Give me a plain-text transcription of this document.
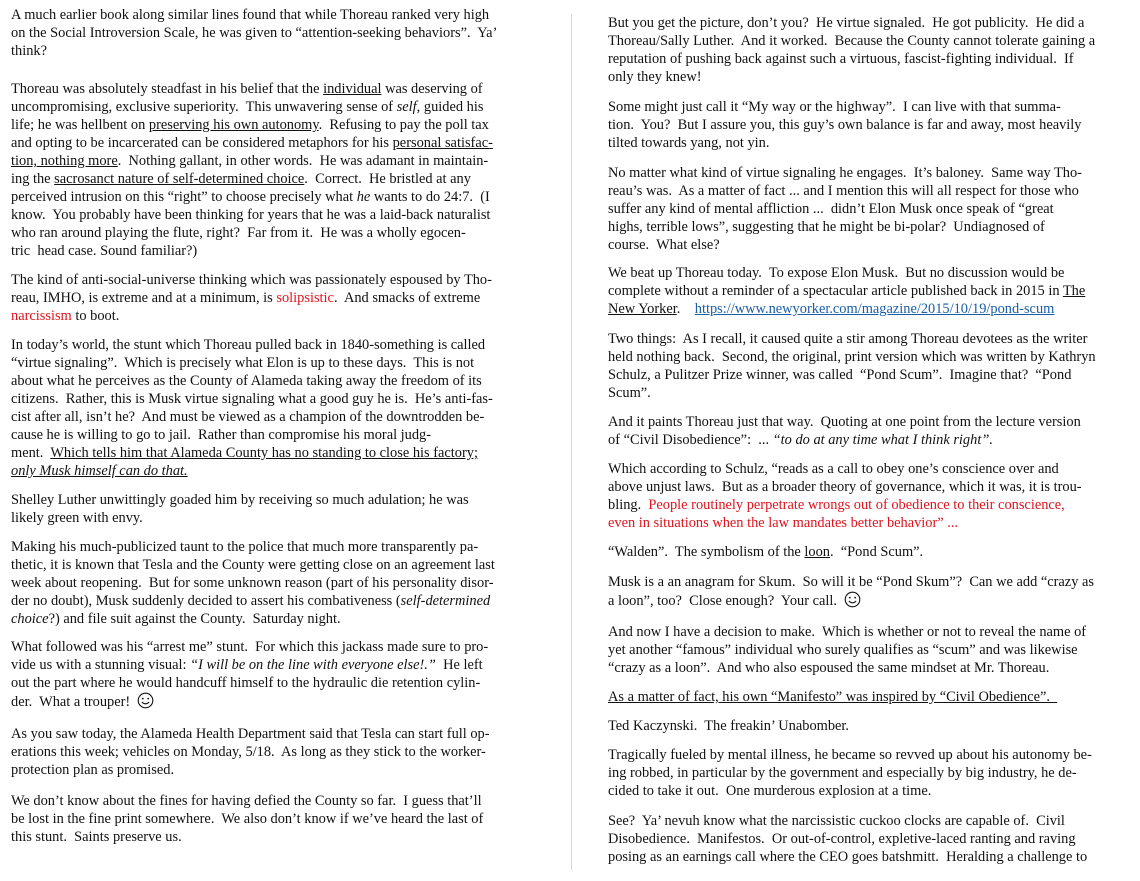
A much earlier book along similar lines found that while Thoreau ranked very high
on the Social Introversion Scale, he was given to “attention-seeking behaviors”.  Ya’
think?
Thoreau was absolutely steadfast in his belief that the individual was deserving of
uncompromising, exclusive superiority.  This unwavering sense of self, guided his
life; he was hellbent on preserving his own autonomy.  Refusing to pay the poll tax
and opting to be incarcerated can be considered metaphors for his personal satisfac-
tion, nothing more.  Nothing gallant, in other words.  He was adamant in maintain-
ing the sacrosanct nature of self-determined choice.  Correct.  He bristled at any
perceived intrusion on this “right” to choose precisely what he wants to do 24:7.  (I
know.  You probably have been thinking for years that he was a laid-back naturalist
who ran around playing the flute, right?  Far from it.  He was a wholly egocen-
tric  head case. Sound familiar?)
The kind of anti-social-universe thinking which was passionately espoused by Tho-
reau, IMHO, is extreme and at a minimum, is solipsistic.  And smacks of extreme
narcissism to boot.
In today’s world, the stunt which Thoreau pulled back in 1840-something is called
“virtue signaling”.  Which is precisely what Elon is up to these days.  This is not
about what he perceives as the County of Alameda taking away the freedom of its
citizens.  Rather, this is Musk virtue signaling what a good guy he is.  He’s anti-fas-
cist after all, isn’t he?  And must be viewed as a champion of the downtrodden be-
cause he is willing to go to jail.  Rather than compromise his moral judg-
ment.  Which tells him that Alameda County has no standing to close his factory;
only Musk himself can do that.
Shelley Luther unwittingly goaded him by receiving so much adulation; he was
likely green with envy.
Making his much-publicized taunt to the police that much more transparently pa-
thetic, it is known that Tesla and the County were getting close on an agreement last
week about reopening.  But for some unknown reason (part of his personality disor-
der no doubt), Musk suddenly decided to assert his combativeness (self-determined
choice?) and file suit against the County.  Saturday night.
What followed was his “arrest me” stunt.  For which this jackass made sure to pro-
vide us with a stunning visual: “I will be on the line with everyone else!.”  He left
out the part where he would handcuff himself to the hydraulic die retention cylin-
der.  What a trouper!
As you saw today, the Alameda Health Department said that Tesla can start full op-
erations this week; vehicles on Monday, 5/18.  As long as they stick to the worker-
protection plan as promised.
We don’t know about the fines for having defied the County so far.  I guess that’ll
be lost in the fine print somewhere.  We also don’t know if we’ve heard the last of
this stunt.  Saints preserve us.
But you get the picture, don’t you?  He virtue signaled.  He got publicity.  He did a
Thoreau/Sally Luther.  And it worked.  Because the County cannot tolerate gaining a
reputation of pushing back against such a virtuous, fascist-fighting individual.  If
only they knew!
Some might just call it “My way or the highway”.  I can live with that summa-
tion.  You?  But I assure you, this guy’s own balance is far and away, most heavily
tilted towards yang, not yin.
No matter what kind of virtue signaling he engages.  It’s baloney.  Same way Tho-
reau’s was.  As a matter of fact ... and I mention this will all respect for those who
suffer any kind of mental affliction ...  didn’t Elon Musk once speak of “great
highs, terrible lows”, suggesting that he might be bi-polar?  Undiagnosed of
course.  What else?
We beat up Thoreau today.  To expose Elon Musk.  But no discussion would be
complete without a reminder of a spectacular article published back in 2015 in The
New Yorker.    https://www.newyorker.com/magazine/2015/10/19/pond-scum
Two things:  As I recall, it caused quite a stir among Thoreau devotees as the writer
held nothing back.  Second, the original, print version which was written by Kathryn
Schulz, a Pulitzer Prize winner, was called  “Pond Scum”.  Imagine that?  “Pond
Scum”.
And it paints Thoreau just that way.  Quoting at one point from the lecture version
of “Civil Disobedience”:  ... “to do at any time what I think right”.
Which according to Schulz, “reads as a call to obey one’s conscience over and
above unjust laws.  But as a broader theory of governance, which it was, it is trou-
bling.  People routinely perpetrate wrongs out of obedience to their conscience,
even in situations when the law mandates better behavior” ...
“Walden”.  The symbolism of the loon.  “Pond Scum”.
Musk is a an anagram for Skum.  So will it be “Pond Skum”?  Can we add “crazy as
a loon”, too?  Close enough?  Your call.
And now I have a decision to make.  Which is whether or not to reveal the name of
yet another “famous” individual who surely qualifies as “scum” and was likewise
“crazy as a loon”.  And who also espoused the same mindset at Mr. Thoreau.
As a matter of fact, his own “Manifesto” was inspired by “Civil Obedience”.
Ted Kaczynski.  The freakin’ Unabomber.
Tragically fueled by mental illness, he became so revved up about his autonomy be-
ing robbed, in particular by the government and especially by big industry, he de-
cided to take it out.  One murderous explosion at a time.
See?  Ya’ nevuh know what the narcissistic cuckoo clocks are capable of.  Civil
Disobedience.  Manifestos.  Or out-of-control, expletive-laced ranting and raving
posing as an earnings call where the CEO goes batshmitt.  Heralding a challenge to
